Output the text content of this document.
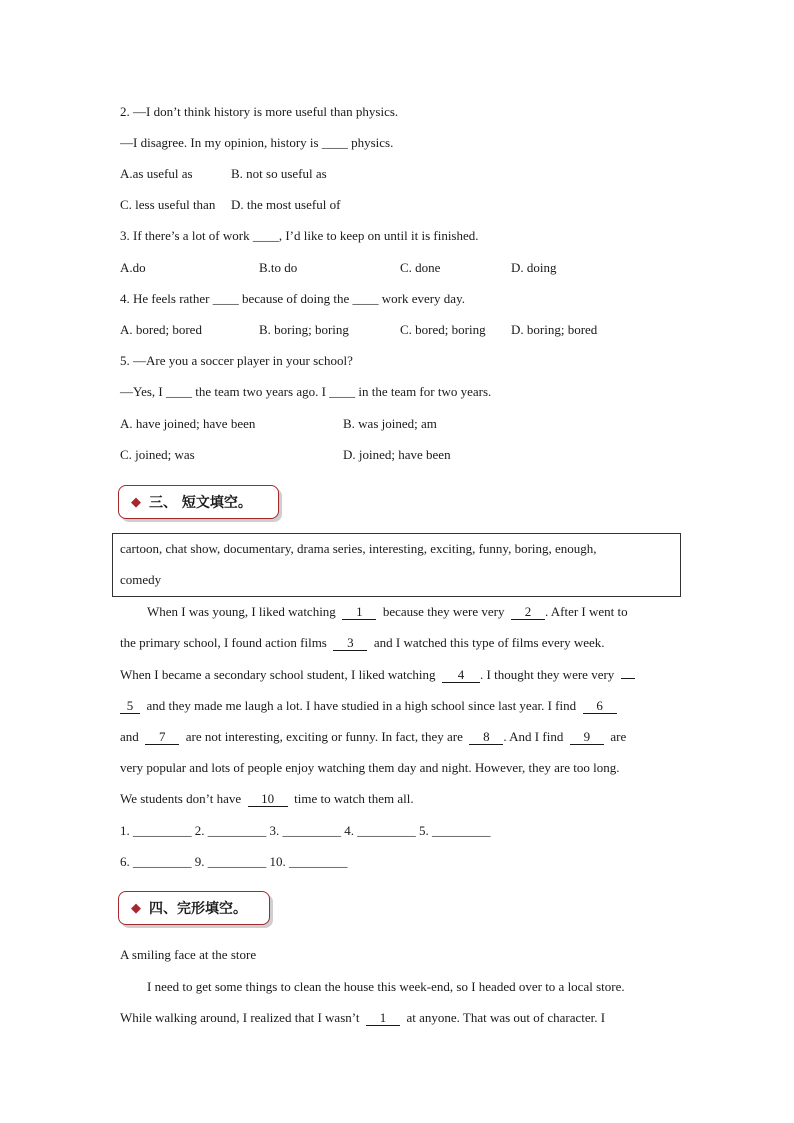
2. —I don’t think history is more useful than physics.
—I disagree. In my opinion, history is ____ physics.
A.as useful as	B. not so useful as
C. less useful than D. the most useful of
3. If there’s a lot of work ____, I’d like to keep on until it is finished.
A.do	B.to do	C. done	D. doing
4. He feels rather ____ because of doing the ____ work every day.
A. bored; bored	B. boring; boring	C. bored; boring D. boring; bored
5. —Are you a soccer player in your school?
—Yes, I ____ the team two years ago. I ____ in the team for two years.
A. have joined; have been	B. was joined; am
C. joined; was	D. joined; have been
◆ 三、 短文填空。
cartoon, chat show, documentary, drama series, interesting, exciting, funny, boring, enough,
comedy
When I was young, I liked watching 1 because they were very 2 . After I went to
the primary school, I found action films 3 and I watched this type of films every week.
When I became a secondary school student, I liked watching 4 . I thought they were very
5 and they made me laugh a lot. I have studied in a high school since last year. I find 6
and 7 are not interesting, exciting or funny. In fact, they are 8 . And I find 9 are
very popular and lots of people enjoy watching them day and night. However, they are too long.
We students don’t have 10 time to watch them all.
1. _________ 2. _________ 3. _________ 4. _________ 5. _________
6. _________ 9. _________ 10. _________
◆ 四、完形填空。
A smiling face at the store
I need to get some things to clean the house this week-end, so I headed over to a local store.
While walking around, I realized that I wasn’t 1 at anyone. That was out of character. I
